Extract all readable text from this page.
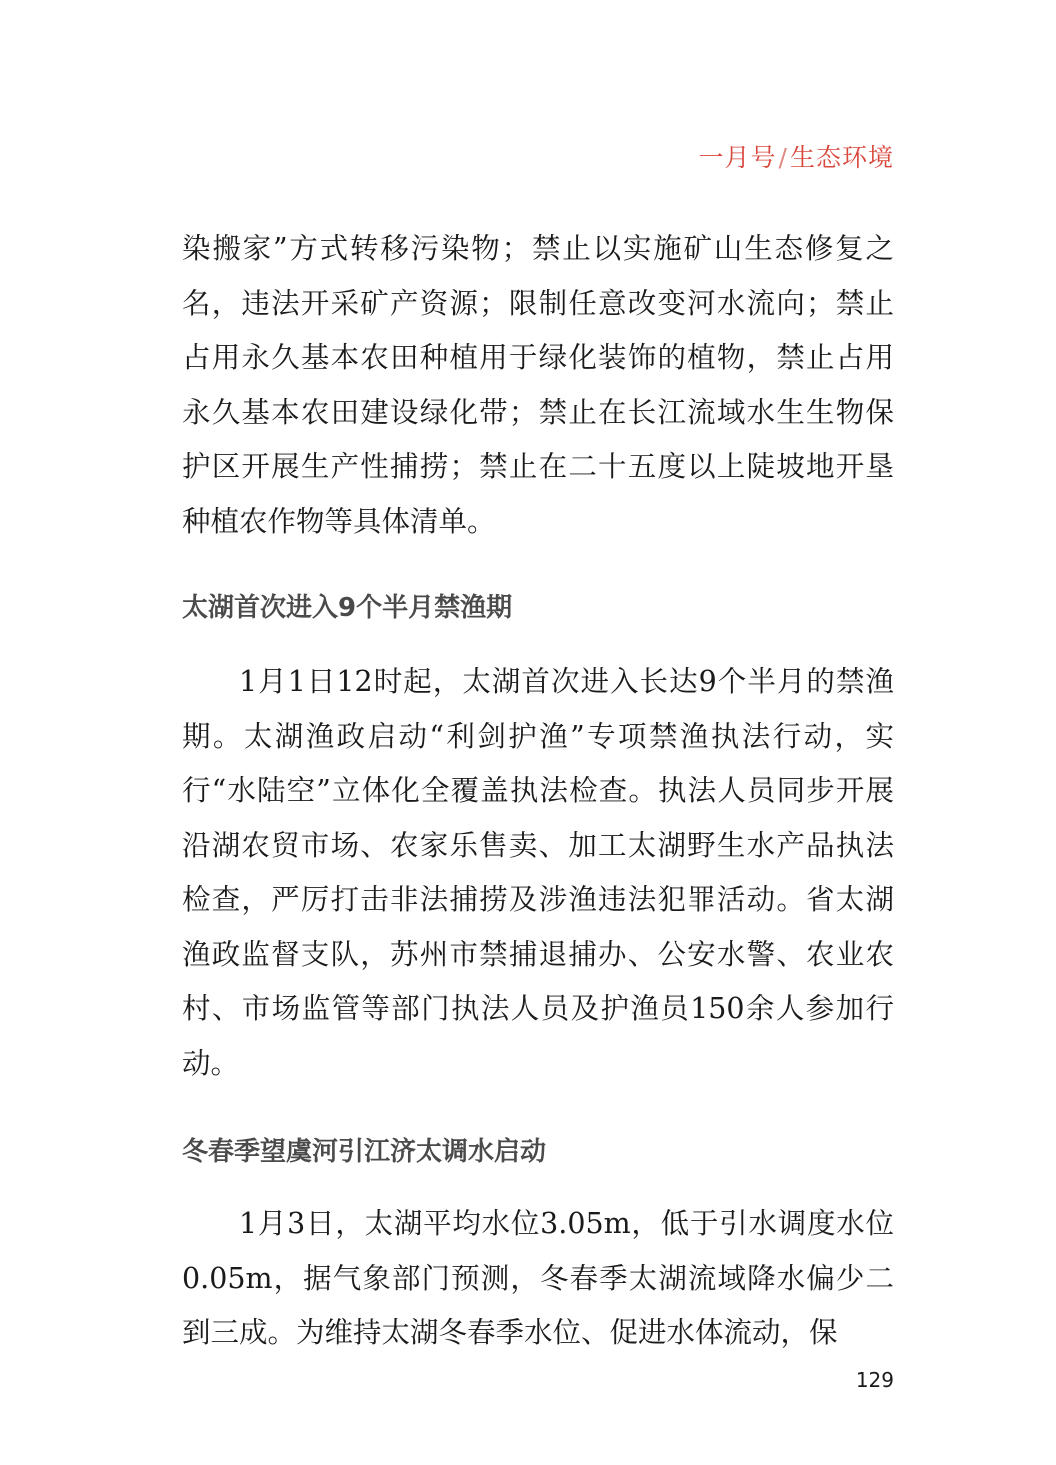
一月号/生态环境

染搬家”方式转移污染物；禁止以实施矿山生态修复之名，违法开采矿产资源；限制任意改变河水流向；禁止占用永久基本农田种植用于绿化装饰的植物，禁止占用永久基本农田建设绿化带；禁止在长江流域水生生物保护区开展生产性捕捞；禁止在二十五度以上陡坡地开垦种植农作物等具体清单。

太湖首次进入9个半月禁渔期

1月1日12时起，太湖首次进入长达9个半月的禁渔期。太湖渔政启动“利剑护渔”专项禁渔执法行动，实行“水陆空”立体化全覆盖执法检查。执法人员同步开展沿湖农贸市场、农家乐售卖、加工太湖野生水产品执法检查，严厉打击非法捕捞及涉渔违法犯罪活动。省太湖渔政监督支队，苏州市禁捕退捕办、公安水警、农业农村、市场监管等部门执法人员及护渔员150余人参加行动。

冬春季望虞河引江济太调水启动

1月3日，太湖平均水位3.05m，低于引水调度水位0.05m，据气象部门预测，冬春季太湖流域降水偏少二到三成。为维持太湖冬春季水位、促进水体流动，保

129
